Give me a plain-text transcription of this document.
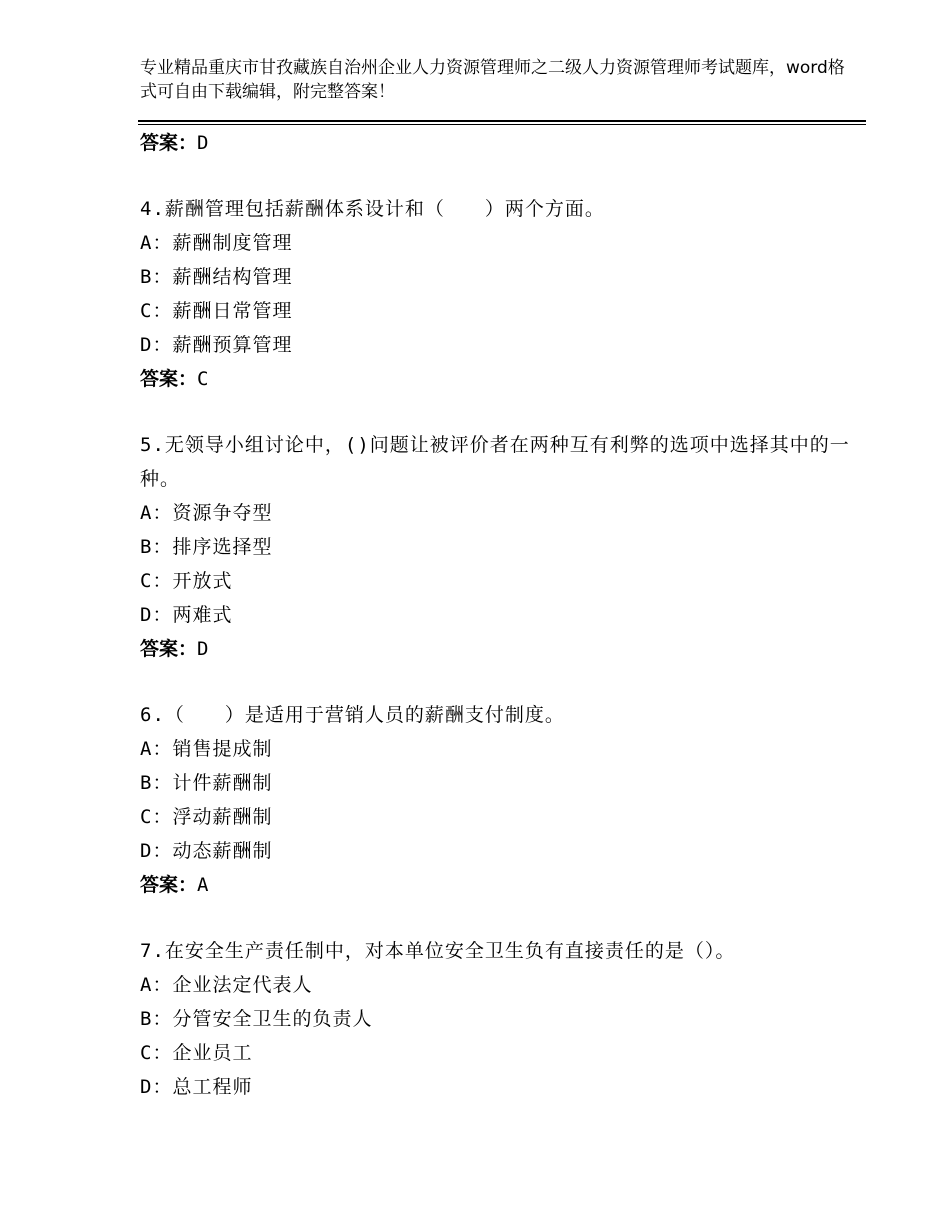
专业精品重庆市甘孜藏族自治州企业人力资源管理师之二级人力资源管理师考试题库，word格式可自由下载编辑，附完整答案！
答案：D
4.薪酬管理包括薪酬体系设计和（　　）两个方面。
A：薪酬制度管理
B：薪酬结构管理
C：薪酬日常管理
D：薪酬预算管理
答案：C
5.无领导小组讨论中，()问题让被评价者在两种互有利弊的选项中选择其中的一种。
A：资源争夺型
B：排序选择型
C：开放式
D：两难式
答案：D
6.（　　）是适用于营销人员的薪酬支付制度。
A：销售提成制
B：计件薪酬制
C：浮动薪酬制
D：动态薪酬制
答案：A
7.在安全生产责任制中，对本单位安全卫生负有直接责任的是（）。
A：企业法定代表人
B：分管安全卫生的负责人
C：企业员工
D：总工程师
